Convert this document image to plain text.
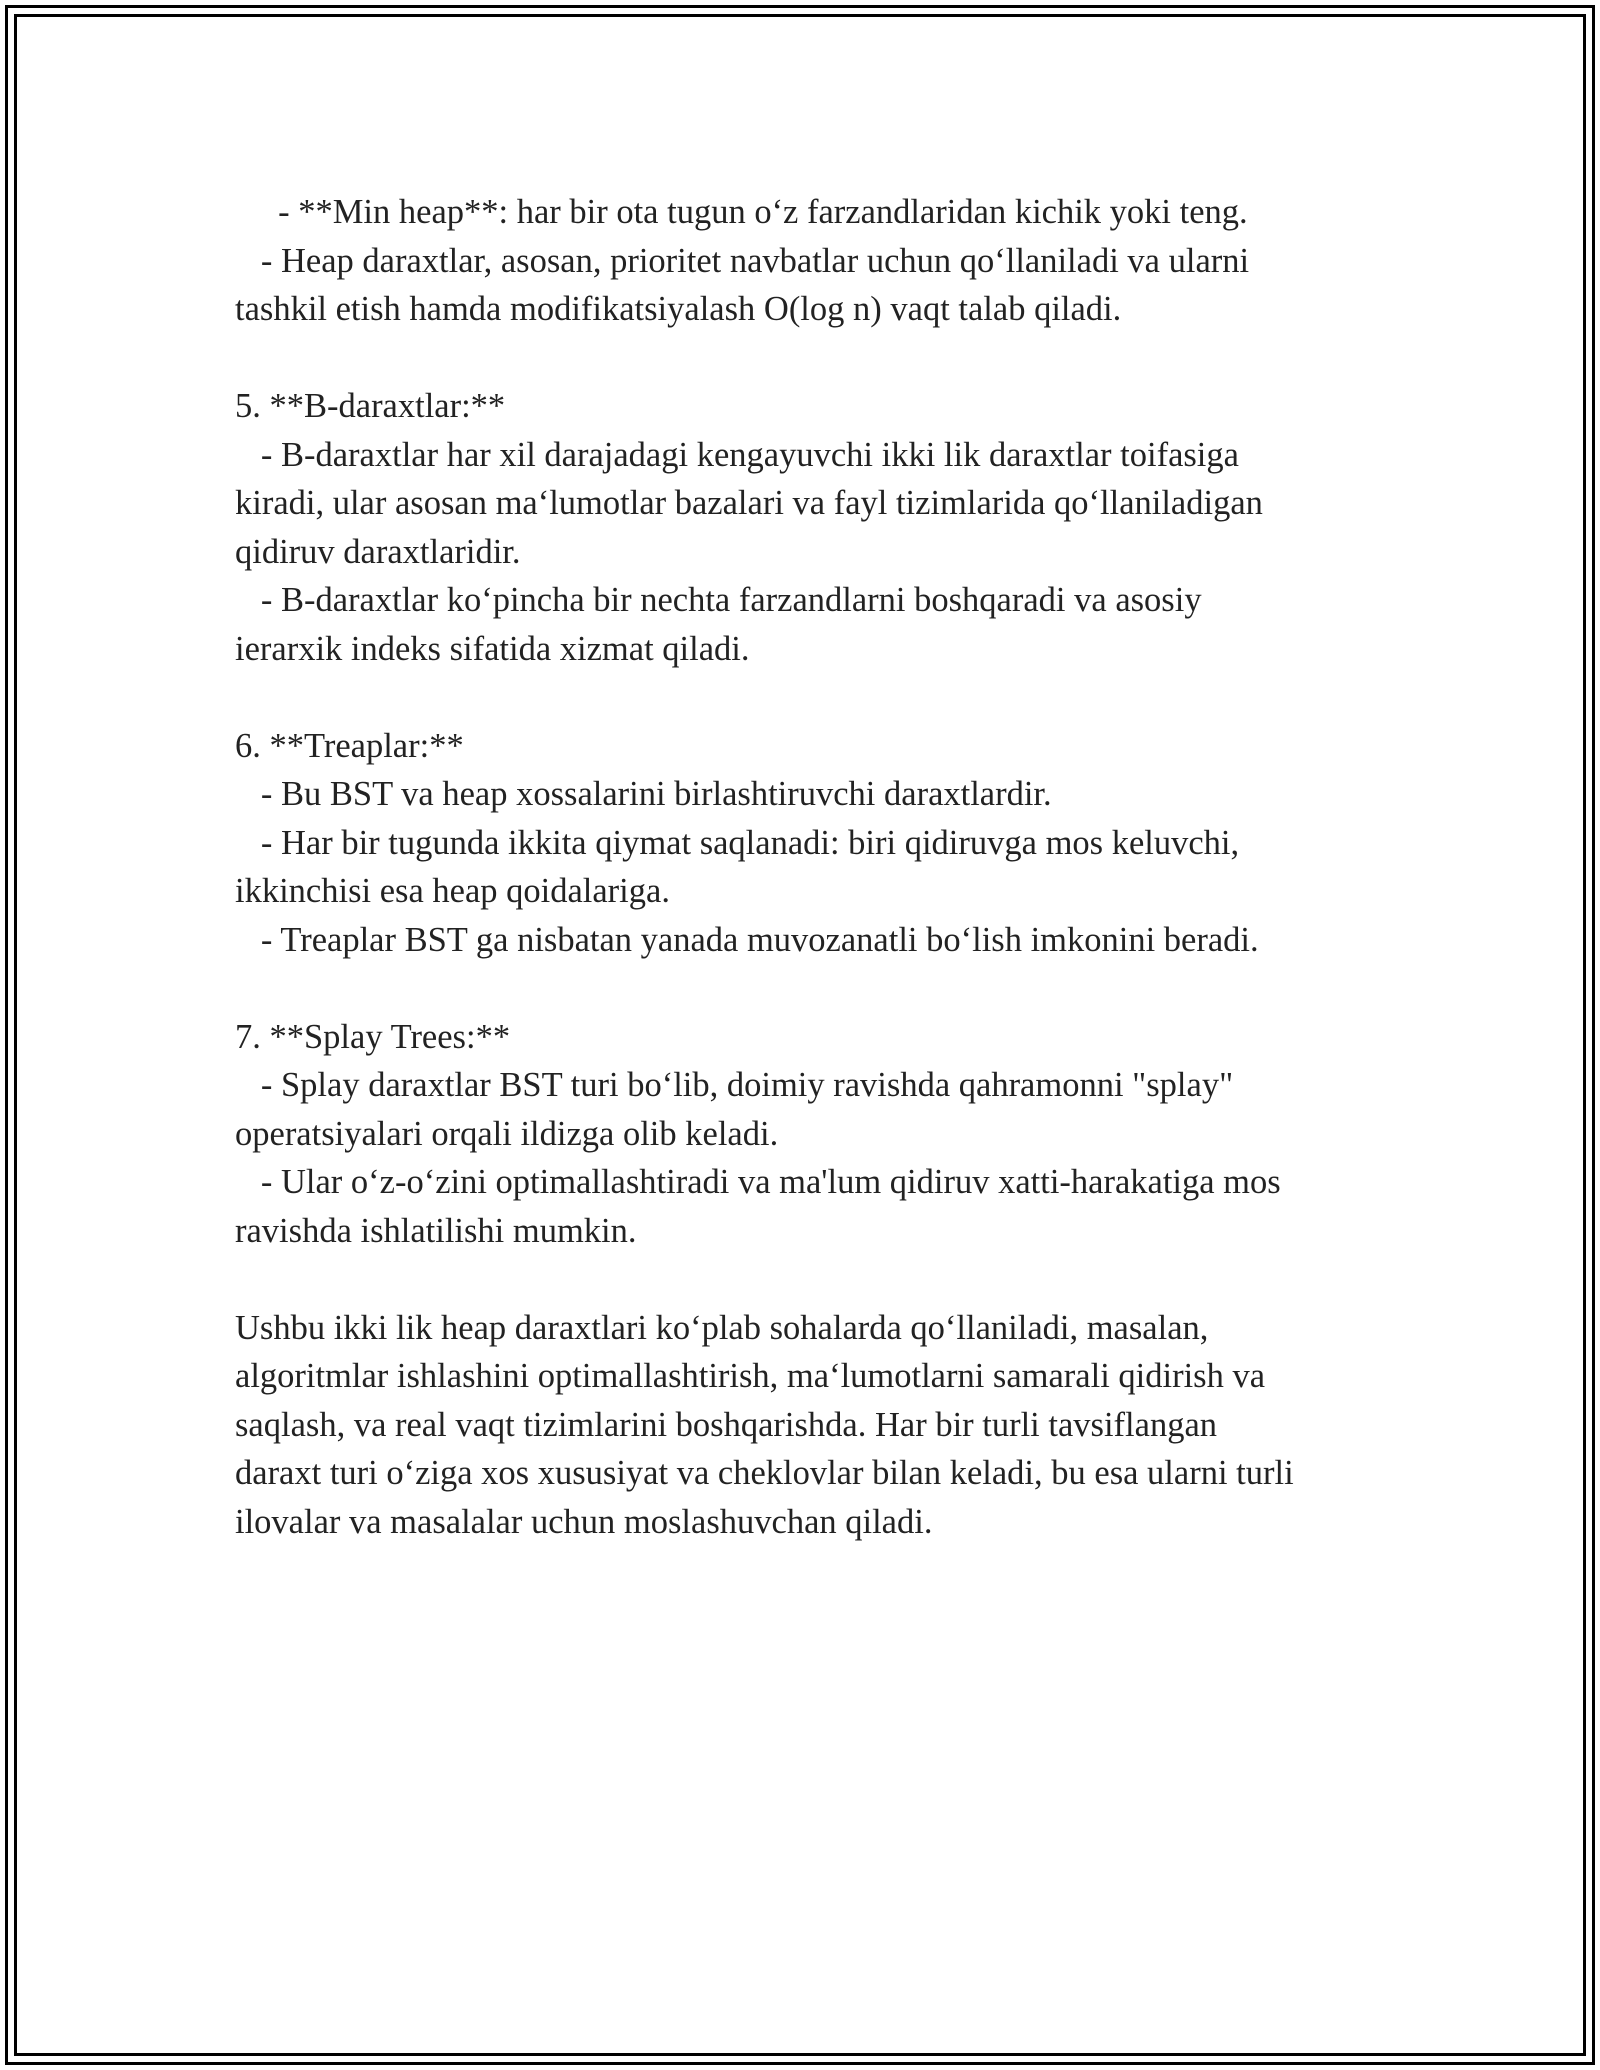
- **Min heap**: har bir ota tugun o‘z farzandlaridan kichik yoki teng.
- Heap daraxtlar, asosan, prioritet navbatlar uchun qo‘llaniladi va ularni
tashkil etish hamda modifikatsiyalash O(log n) vaqt talab qiladi.
5. **B-daraxtlar:**
- B-daraxtlar har xil darajadagi kengayuvchi ikki lik daraxtlar toifasiga
kiradi, ular asosan ma‘lumotlar bazalari va fayl tizimlarida qo‘llaniladigan
qidiruv daraxtlaridir.
- B-daraxtlar ko‘pincha bir nechta farzandlarni boshqaradi va asosiy
ierarxik indeks sifatida xizmat qiladi.
6. **Treaplar:**
- Bu BST va heap xossalarini birlashtiruvchi daraxtlardir.
- Har bir tugunda ikkita qiymat saqlanadi: biri qidiruvga mos keluvchi,
ikkinchisi esa heap qoidalariga.
- Treaplar BST ga nisbatan yanada muvozanatli bo‘lish imkonini beradi.
7. **Splay Trees:**
- Splay daraxtlar BST turi bo‘lib, doimiy ravishda qahramonni "splay"
operatsiyalari orqali ildizga olib keladi.
- Ular o‘z-o‘zini optimallashtiradi va ma'lum qidiruv xatti-harakatiga mos
ravishda ishlatilishi mumkin.
Ushbu ikki lik heap daraxtlari ko‘plab sohalarda qo‘llaniladi, masalan,
algoritmlar ishlashini optimallashtirish, ma‘lumotlarni samarali qidirish va
saqlash, va real vaqt tizimlarini boshqarishda. Har bir turli tavsiflangan
daraxt turi o‘ziga xos xususiyat va cheklovlar bilan keladi, bu esa ularni turli
ilovalar va masalalar uchun moslashuvchan qiladi.
